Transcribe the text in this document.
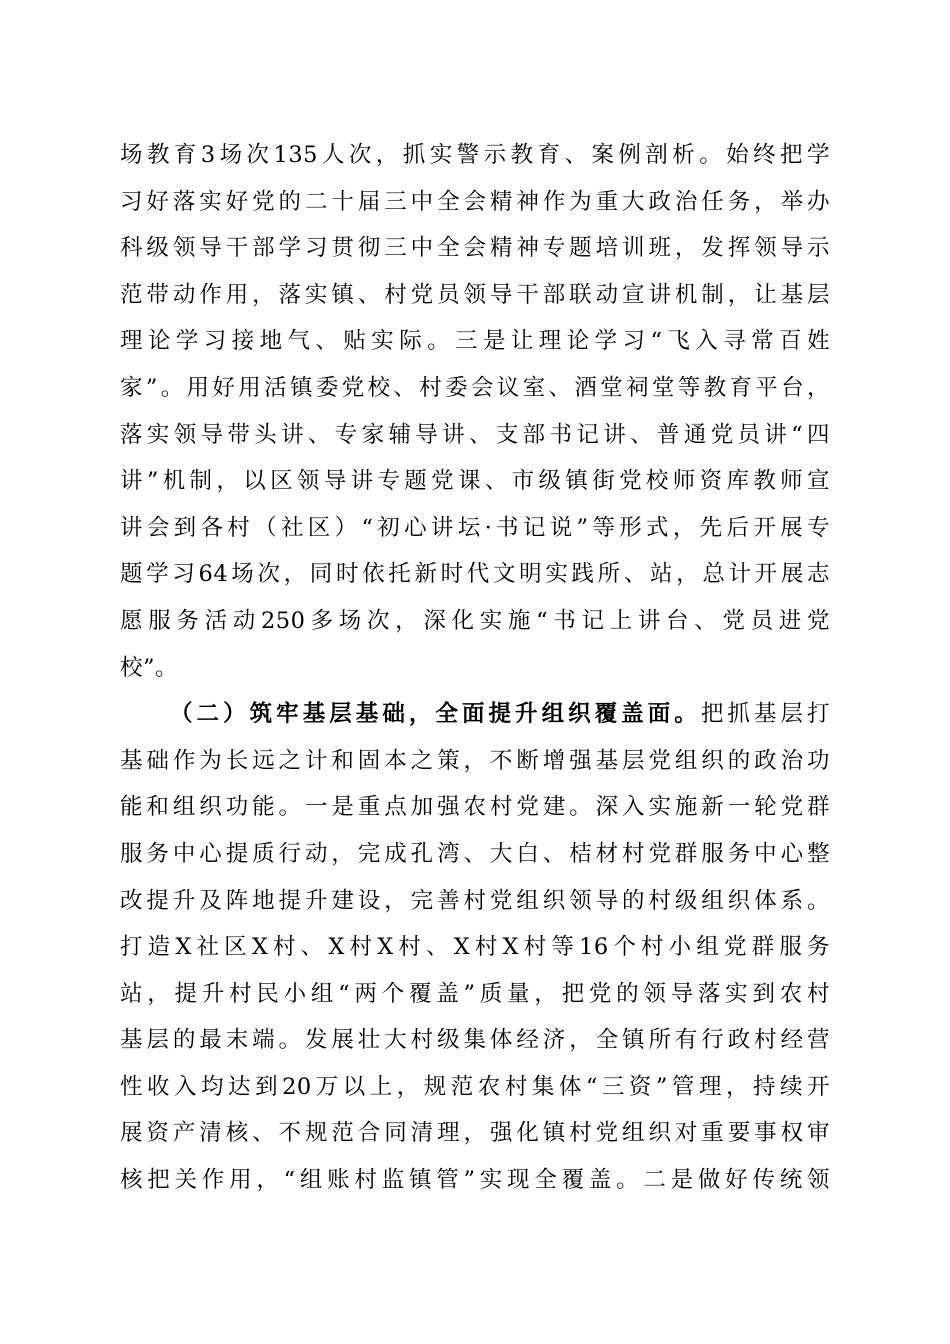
场教育3场次135人次，抓实警示教育、案例剖析。始终把学
习好落实好党的二十届三中全会精神作为重大政治任务，举办
科级领导干部学习贯彻三中全会精神专题培训班，发挥领导示
范带动作用，落实镇、村党员领导干部联动宣讲机制，让基层
理论学习接地气、贴实际。三是让理论学习“飞入寻常百姓
家”。用好用活镇委党校、村委会议室、酒堂祠堂等教育平台，
落实领导带头讲、专家辅导讲、支部书记讲、普通党员讲“四
讲”机制，以区领导讲专题党课、市级镇街党校师资库教师宣
讲会到各村（社区）“初心讲坛·书记说”等形式，先后开展专
题学习64场次，同时依托新时代文明实践所、站，总计开展志
愿服务活动250多场次，深化实施“书记上讲台、党员进党
校”。
（二）筑牢基层基础，全面提升组织覆盖面。把抓基层打
基础作为长远之计和固本之策，不断增强基层党组织的政治功
能和组织功能。一是重点加强农村党建。深入实施新一轮党群
服务中心提质行动，完成孔湾、大白、桔材村党群服务中心整
改提升及阵地提升建设，完善村党组织领导的村级组织体系。
打造X社区X村、X村X村、X村X村等16个村小组党群服务
站，提升村民小组“两个覆盖”质量，把党的领导落实到农村
基层的最末端。发展壮大村级集体经济，全镇所有行政村经营
性收入均达到20万以上，规范农村集体“三资”管理，持续开
展资产清核、不规范合同清理，强化镇村党组织对重要事权审
核把关作用，“组账村监镇管”实现全覆盖。二是做好传统领
